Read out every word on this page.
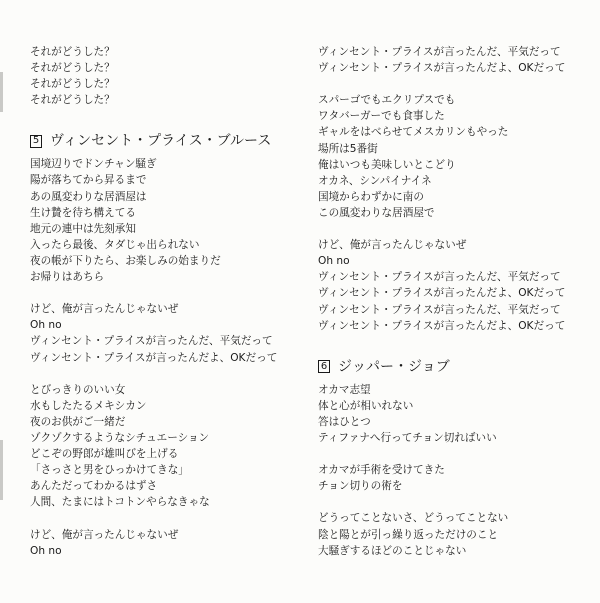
それがどうした？
それがどうした？
それがどうした？
それがどうした？
5 ヴィンセント・プライス・ブルース
国境辺りでドンチャン騒ぎ
陽が落ちてから昇るまで
あの風変わりな居酒屋は
生け贄を待ち構えてる
地元の連中は先刻承知
入ったら最後、タダじゃ出られない
夜の帳が下りたら、お楽しみの始まりだ
お帰りはあちら
けど、俺が言ったんじゃないぜ
Oh no
ヴィンセント・プライスが言ったんだ、平気だって
ヴィンセント・プライスが言ったんだよ、OKだって
とびっきりのいい女
水もしたたるメキシカン
夜のお供がご一緒だ
ゾクゾクするようなシチュエーション
どこぞの野郎が雄叫びを上げる
「さっさと男をひっかけてきな」
あんただってわかるはずさ
人間、たまにはトコトンやらなきゃな
けど、俺が言ったんじゃないぜ
Oh no
ヴィンセント・プライスが言ったんだ、平気だって
ヴィンセント・プライスが言ったんだよ、OKだって
スパーゴでもエクリプスでも
ワタバーガーでも食事した
ギャルをはべらせてメスカリンもやった
場所は5番街
俺はいつも美味しいとこどり
オカネ、シンパイナイネ
国境からわずかに南の
この風変わりな居酒屋で
けど、俺が言ったんじゃないぜ
Oh no
ヴィンセント・プライスが言ったんだ、平気だって
ヴィンセント・プライスが言ったんだよ、OKだって
ヴィンセント・プライスが言ったんだ、平気だって
ヴィンセント・プライスが言ったんだよ、OKだって
6 ジッパー・ジョブ
オカマ志望
体と心が相いれない
答はひとつ
ティファナへ行ってチョン切ればいい
オカマが手術を受けてきた
チョン切りの術を
どうってことないさ、どうってことない
陰と陽とが引っ繰り返っただけのこと
大騒ぎするほどのことじゃない
